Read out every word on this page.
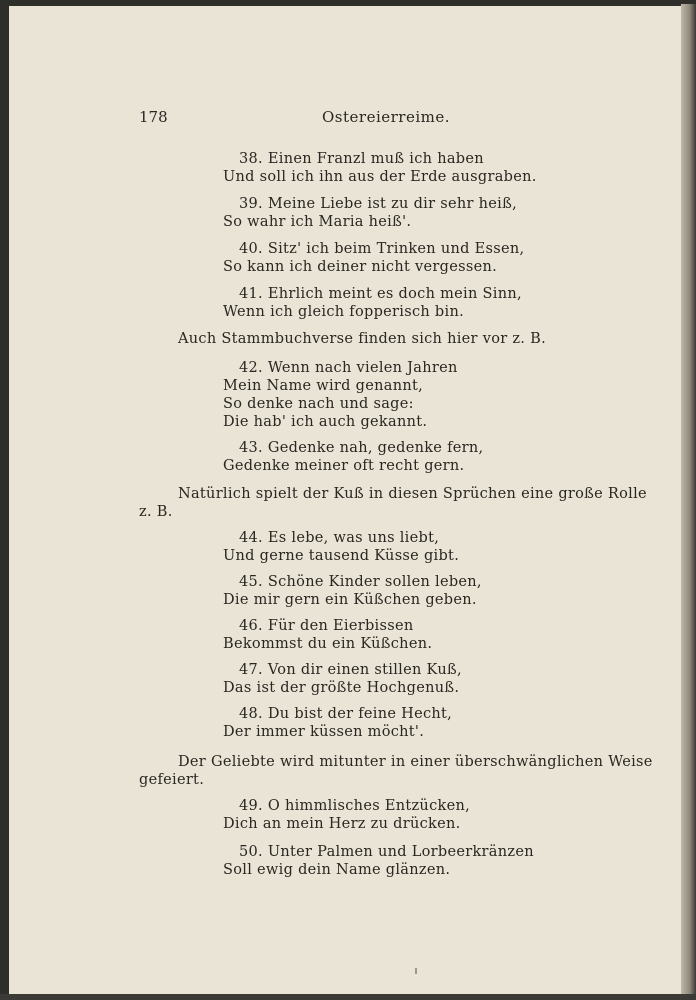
178	Ostereierreime.
38. Einen Franzl muß ich haben
Und soll ich ihn aus der Erde ausgraben.
39. Meine Liebe ist zu dir sehr heiß,
So wahr ich Maria heiß'.
40. Sitz' ich beim Trinken und Essen,
So kann ich deiner nicht vergessen.
41. Ehrlich meint es doch mein Sinn,
Wenn ich gleich fopperisch bin.
Auch Stammbuchverse finden sich hier vor z. B.
42. Wenn nach vielen Jahren
Mein Name wird genannt,
So denke nach und sage:
Die hab' ich auch gekannt.
43. Gedenke nah, gedenke fern,
Gedenke meiner oft recht gern.
Natürlich spielt der Kuß in diesen Sprüchen eine große Rolle
z. B.
44. Es lebe, was uns liebt,
Und gerne tausend Küsse gibt.
45. Schöne Kinder sollen leben,
Die mir gern ein Küßchen geben.
46. Für den Eierbissen
Bekommst du ein Küßchen.
47. Von dir einen stillen Kuß,
Das ist der größte Hochgenuß.
48. Du bist der feine Hecht,
Der immer küssen möcht'.
Der Geliebte wird mitunter in einer überschwänglichen Weise
gefeiert.
49. O himmlisches Entzücken,
Dich an mein Herz zu drücken.
50. Unter Palmen und Lorbeerkränzen
Soll ewig dein Name glänzen.
